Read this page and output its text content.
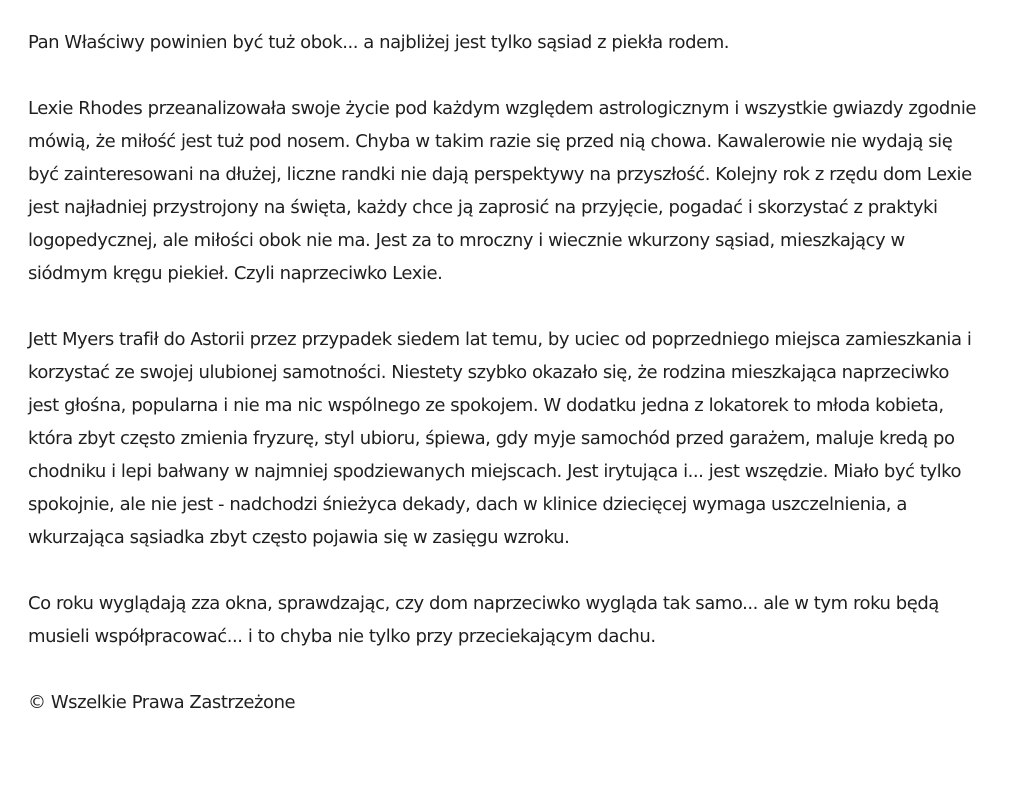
Pan Właściwy powinien być tuż obok... a najbliżej jest tylko sąsiad z piekła rodem.

Lexie Rhodes przeanalizowała swoje życie pod każdym względem astrologicznym i wszystkie gwiazdy zgodnie mówią, że miłość jest tuż pod nosem. Chyba w takim razie się przed nią chowa. Kawalerowie nie wydają się być zainteresowani na dłużej, liczne randki nie dają perspektywy na przyszłość. Kolejny rok z rzędu dom Lexie jest najładniej przystrojony na święta, każdy chce ją zaprosić na przyjęcie, pogadać i skorzystać z praktyki logopedycznej, ale miłości obok nie ma. Jest za to mroczny i wiecznie wkurzony sąsiad, mieszkający w siódmym kręgu piekieł. Czyli naprzeciwko Lexie.

Jett Myers trafił do Astorii przez przypadek siedem lat temu, by uciec od poprzedniego miejsca zamieszkania i korzystać ze swojej ulubionej samotności. Niestety szybko okazało się, że rodzina mieszkająca naprzeciwko jest głośna, popularna i nie ma nic wspólnego ze spokojem. W dodatku jedna z lokatorek to młoda kobieta, która zbyt często zmienia fryzurę, styl ubioru, śpiewa, gdy myje samochód przed garażem, maluje kredą po chodniku i lepi bałwany w najmniej spodziewanych miejscach. Jest irytująca i... jest wszędzie. Miało być tylko spokojnie, ale nie jest - nadchodzi śnieżyca dekady, dach w klinice dziecięcej wymaga uszczelnienia, a wkurzająca sąsiadka zbyt często pojawia się w zasięgu wzroku.

Co roku wyglądają zza okna, sprawdzając, czy dom naprzeciwko wygląda tak samo... ale w tym roku będą musieli współpracować... i to chyba nie tylko przy przeciekającym dachu.

© Wszelkie Prawa Zastrzeżone
